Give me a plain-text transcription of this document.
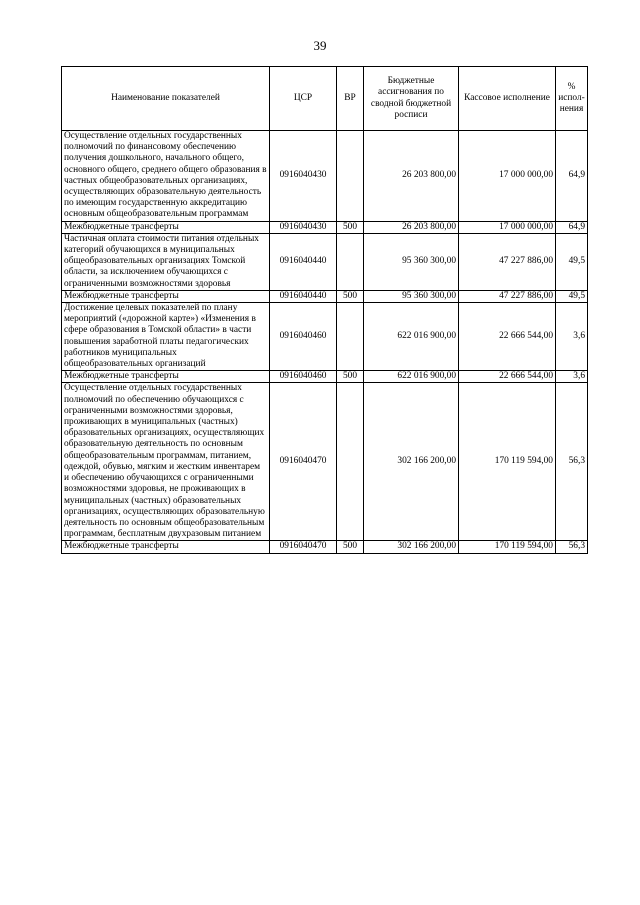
39
Наименование показателей	ЦСР	ВР	Бюджетные ассигнования по сводной бюджетной росписи	Кассовое исполнение	% испол-нения
Осуществление отдельных государственных полномочий по финансовому обеспечению получения дошкольного, начального общего, основного общего, среднего общего образования в частных общеобразовательных организациях, осуществляющих образовательную деятельность по имеющим государственную аккредитацию основным общеобразовательным программам	0916040430		26 203 800,00	17 000 000,00	64,9
Межбюджетные трансферты	0916040430	500	26 203 800,00	17 000 000,00	64,9
Частичная оплата стоимости питания отдельных категорий обучающихся в муниципальных общеобразовательных организациях Томской области, за исключением обучающихся с ограниченными возможностями здоровья	0916040440		95 360 300,00	47 227 886,00	49,5
Межбюджетные трансферты	0916040440	500	95 360 300,00	47 227 886,00	49,5
Достижение целевых показателей по плану мероприятий («дорожной карте») «Изменения в сфере образования в Томской области» в части повышения заработной платы педагогических работников муниципальных общеобразовательных организаций	0916040460		622 016 900,00	22 666 544,00	3,6
Межбюджетные трансферты	0916040460	500	622 016 900,00	22 666 544,00	3,6
Осуществление отдельных государственных полномочий по обеспечению обучающихся с ограниченными возможностями здоровья, проживающих в муниципальных (частных) образовательных организациях, осуществляющих образовательную деятельность по основным общеобразовательным программам, питанием, одеждой, обувью, мягким и жестким инвентарем и обеспечению обучающихся с ограниченными возможностями здоровья, не проживающих в муниципальных (частных) образовательных организациях, осуществляющих образовательную деятельность по основным общеобразовательным программам, бесплатным двухразовым питанием	0916040470		302 166 200,00	170 119 594,00	56,3
Межбюджетные трансферты	0916040470	500	302 166 200,00	170 119 594,00	56,3
